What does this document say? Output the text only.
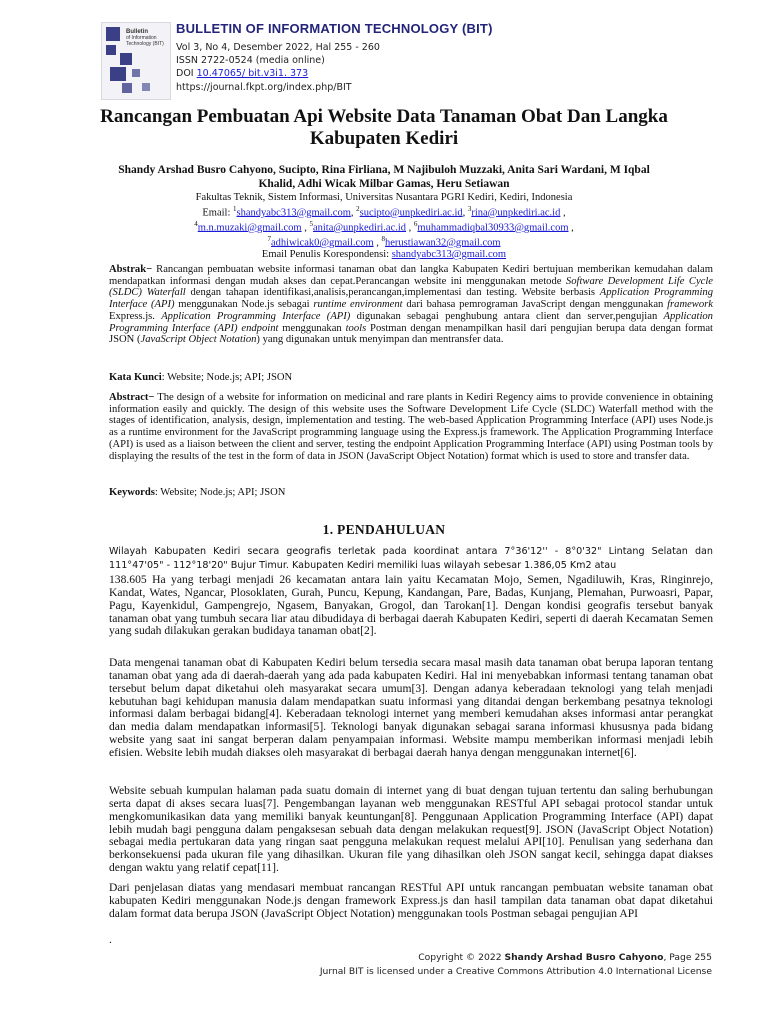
Bulletin
of Information
Technology (BIT)
BULLETIN OF INFORMATION TECHNOLOGY (BIT)
Vol 3, No 4, Desember 2022, Hal 255 - 260
ISSN 2722-0524 (media online)
DOI 10.47065/ bit.v3i1. 373
https://journal.fkpt.org/index.php/BIT
Rancangan Pembuatan Api Website Data Tanaman Obat Dan Langka
Kabupaten Kediri
Shandy Arshad Busro Cahyono, Sucipto, Rina Firliana, M Najibuloh Muzzaki, Anita Sari Wardani, M Iqbal
Khalid, Adhi Wicak Milbar Gamas, Heru Setiawan
Fakultas Teknik, Sistem Informasi, Universitas Nusantara PGRI Kediri, Kediri, Indonesia
Email: $^1$shandyabc313@gmail.com, $^2$sucipto@unpkediri.ac.id, $^3$rina@unpkediri.ac.id ,
$^4$m.n.muzaki@gmail.com , $^5$anita@unpkediri.ac.id , $^6$muhammadiqbal30933@gmail.com ,
$^7$adhiwicak0@gmail.com , $^8$herustiawan32@gmail.com
Email Penulis Korespondensi: shandyabc313@gmail.com

Abstrak− Rancangan pembuatan website informasi tanaman obat dan langka Kabupaten Kediri bertujuan memberikan kemudahan dalam mendapatkan informasi dengan mudah akses dan cepat.Perancangan website ini menggunakan metode Software Development Life Cycle (SLDC) Waterfall dengan tahapan identifikasi,analisis,perancangan,implementasi dan testing. Website berbasis Application Programming Interface (API) menggunakan Node.js sebagai runtime environment dari bahasa pemrograman JavaScript dengan menggunakan framework Express.js. Application Programming Interface (API) digunakan sebagai penghubung antara client dan server,pengujian Application Programming Interface (API) endpoint menggunakan tools Postman dengan menampilkan hasil dari pengujian berupa data dengan format JSON (JavaScript Object Notation) yang digunakan untuk menyimpan dan mentransfer data.

Kata Kunci: Website; Node.js; API; JSON

Abstract− The design of a website for information on medicinal and rare plants in Kediri Regency aims to provide convenience in obtaining information easily and quickly. The design of this website uses the Software Development Life Cycle (SLDC) Waterfall method with the stages of identification, analysis, design, implementation and testing. The web-based Application Programming Interface (API) uses Node.js as a runtime environment for the JavaScript programming language using the Express.js framework. The Application Programming Interface (API) is used as a liaison between the client and server, testing the endpoint Application Programming Interface (API) using Postman tools by displaying the results of the test in the form of data in JSON (JavaScript Object Notation) format which is used to store and transfer data.

Keywords: Website; Node.js; API; JSON

1. PENDAHULUAN

Wilayah Kabupaten Kediri secara geografis terletak pada koordinat antara 7°36'12'' - 8°0'32" Lintang Selatan dan 111°47'05" - 112°18'20" Bujur Timur. Kabupaten Kediri memiliki luas wilayah sebesar 1.386,05 Km2 atau

138.605 Ha yang terbagi menjadi 26 kecamatan antara lain yaitu Kecamatan Mojo, Semen, Ngadiluwih, Kras, Ringinrejo, Kandat, Wates, Ngancar, Plosoklaten, Gurah, Puncu, Kepung, Kandangan, Pare, Badas, Kunjang, Plemahan, Purwoasri, Papar, Pagu, Kayenkidul, Gampengrejo, Ngasem, Banyakan, Grogol, dan Tarokan[1]. Dengan kondisi geografis tersebut banyak tanaman obat yang tumbuh secara liar atau dibudidaya di berbagai daerah Kabupaten Kediri, seperti di daerah Kecamatan Semen yang sudah dilakukan gerakan budidaya tanaman obat[2].

Data mengenai tanaman obat di Kabupaten Kediri belum tersedia secara masal masih data tanaman obat berupa laporan tentang tanaman obat yang ada di daerah-daerah yang ada pada kabupaten Kediri. Hal ini menyebabkan informasi tentang tanaman obat tersebut belum dapat diketahui oleh masyarakat secara umum[3]. Dengan adanya keberadaan teknologi yang telah menjadi kebutuhan bagi kehidupan manusia dalam mendapatkan suatu informasi yang ditandai dengan berkembang pesatnya teknologi informasi dalam berbagai bidang[4]. Keberadaan teknologi internet yang memberi kemudahan akses informasi antar perangkat dan media dalam mendapatkan informasi[5]. Teknologi banyak digunakan sebagai sarana informasi khususnya pada bidang website yang saat ini sangat berperan dalam penyampaian informasi. Website mampu memberikan informasi menjadi lebih efisien. Website lebih mudah diakses oleh masyarakat di berbagai daerah hanya dengan menggunakan internet[6].

Website sebuah kumpulan halaman pada suatu domain di internet yang di buat dengan tujuan tertentu dan saling berhubungan serta dapat di akses secara luas[7]. Pengembangan layanan web menggunakan RESTful API sebagai protocol standar untuk mengkomunikasikan data yang memiliki banyak keuntungan[8]. Penggunaan Application Programming Interface (API) dapat lebih mudah bagi pengguna dalam pengaksesan sebuah data dengan melakukan request[9]. JSON (JavaScript Object Notation) sebagai media pertukaran data yang ringan saat pengguna melakukan request melalui API[10]. Penulisan yang sederhana dan berkonsekuensi pada ukuran file yang dihasilkan. Ukuran file yang dihasilkan oleh JSON sangat kecil, sehingga dapat diakses dengan waktu yang relatif cepat[11].

Dari penjelasan diatas yang mendasari membuat rancangan RESTful API untuk rancangan pembuatan website tanaman obat kabupaten Kediri menggunakan Node.js dengan framework Express.js dan hasil tampilan data tanaman obat dapat diketahui dalam format data berupa JSON (JavaScript Object Notation) menggunakan tools Postman sebagai pengujian API

.

Copyright © 2022 Shandy Arshad Busro Cahyono, Page 255
Jurnal BIT is licensed under a Creative Commons Attribution 4.0 International License
